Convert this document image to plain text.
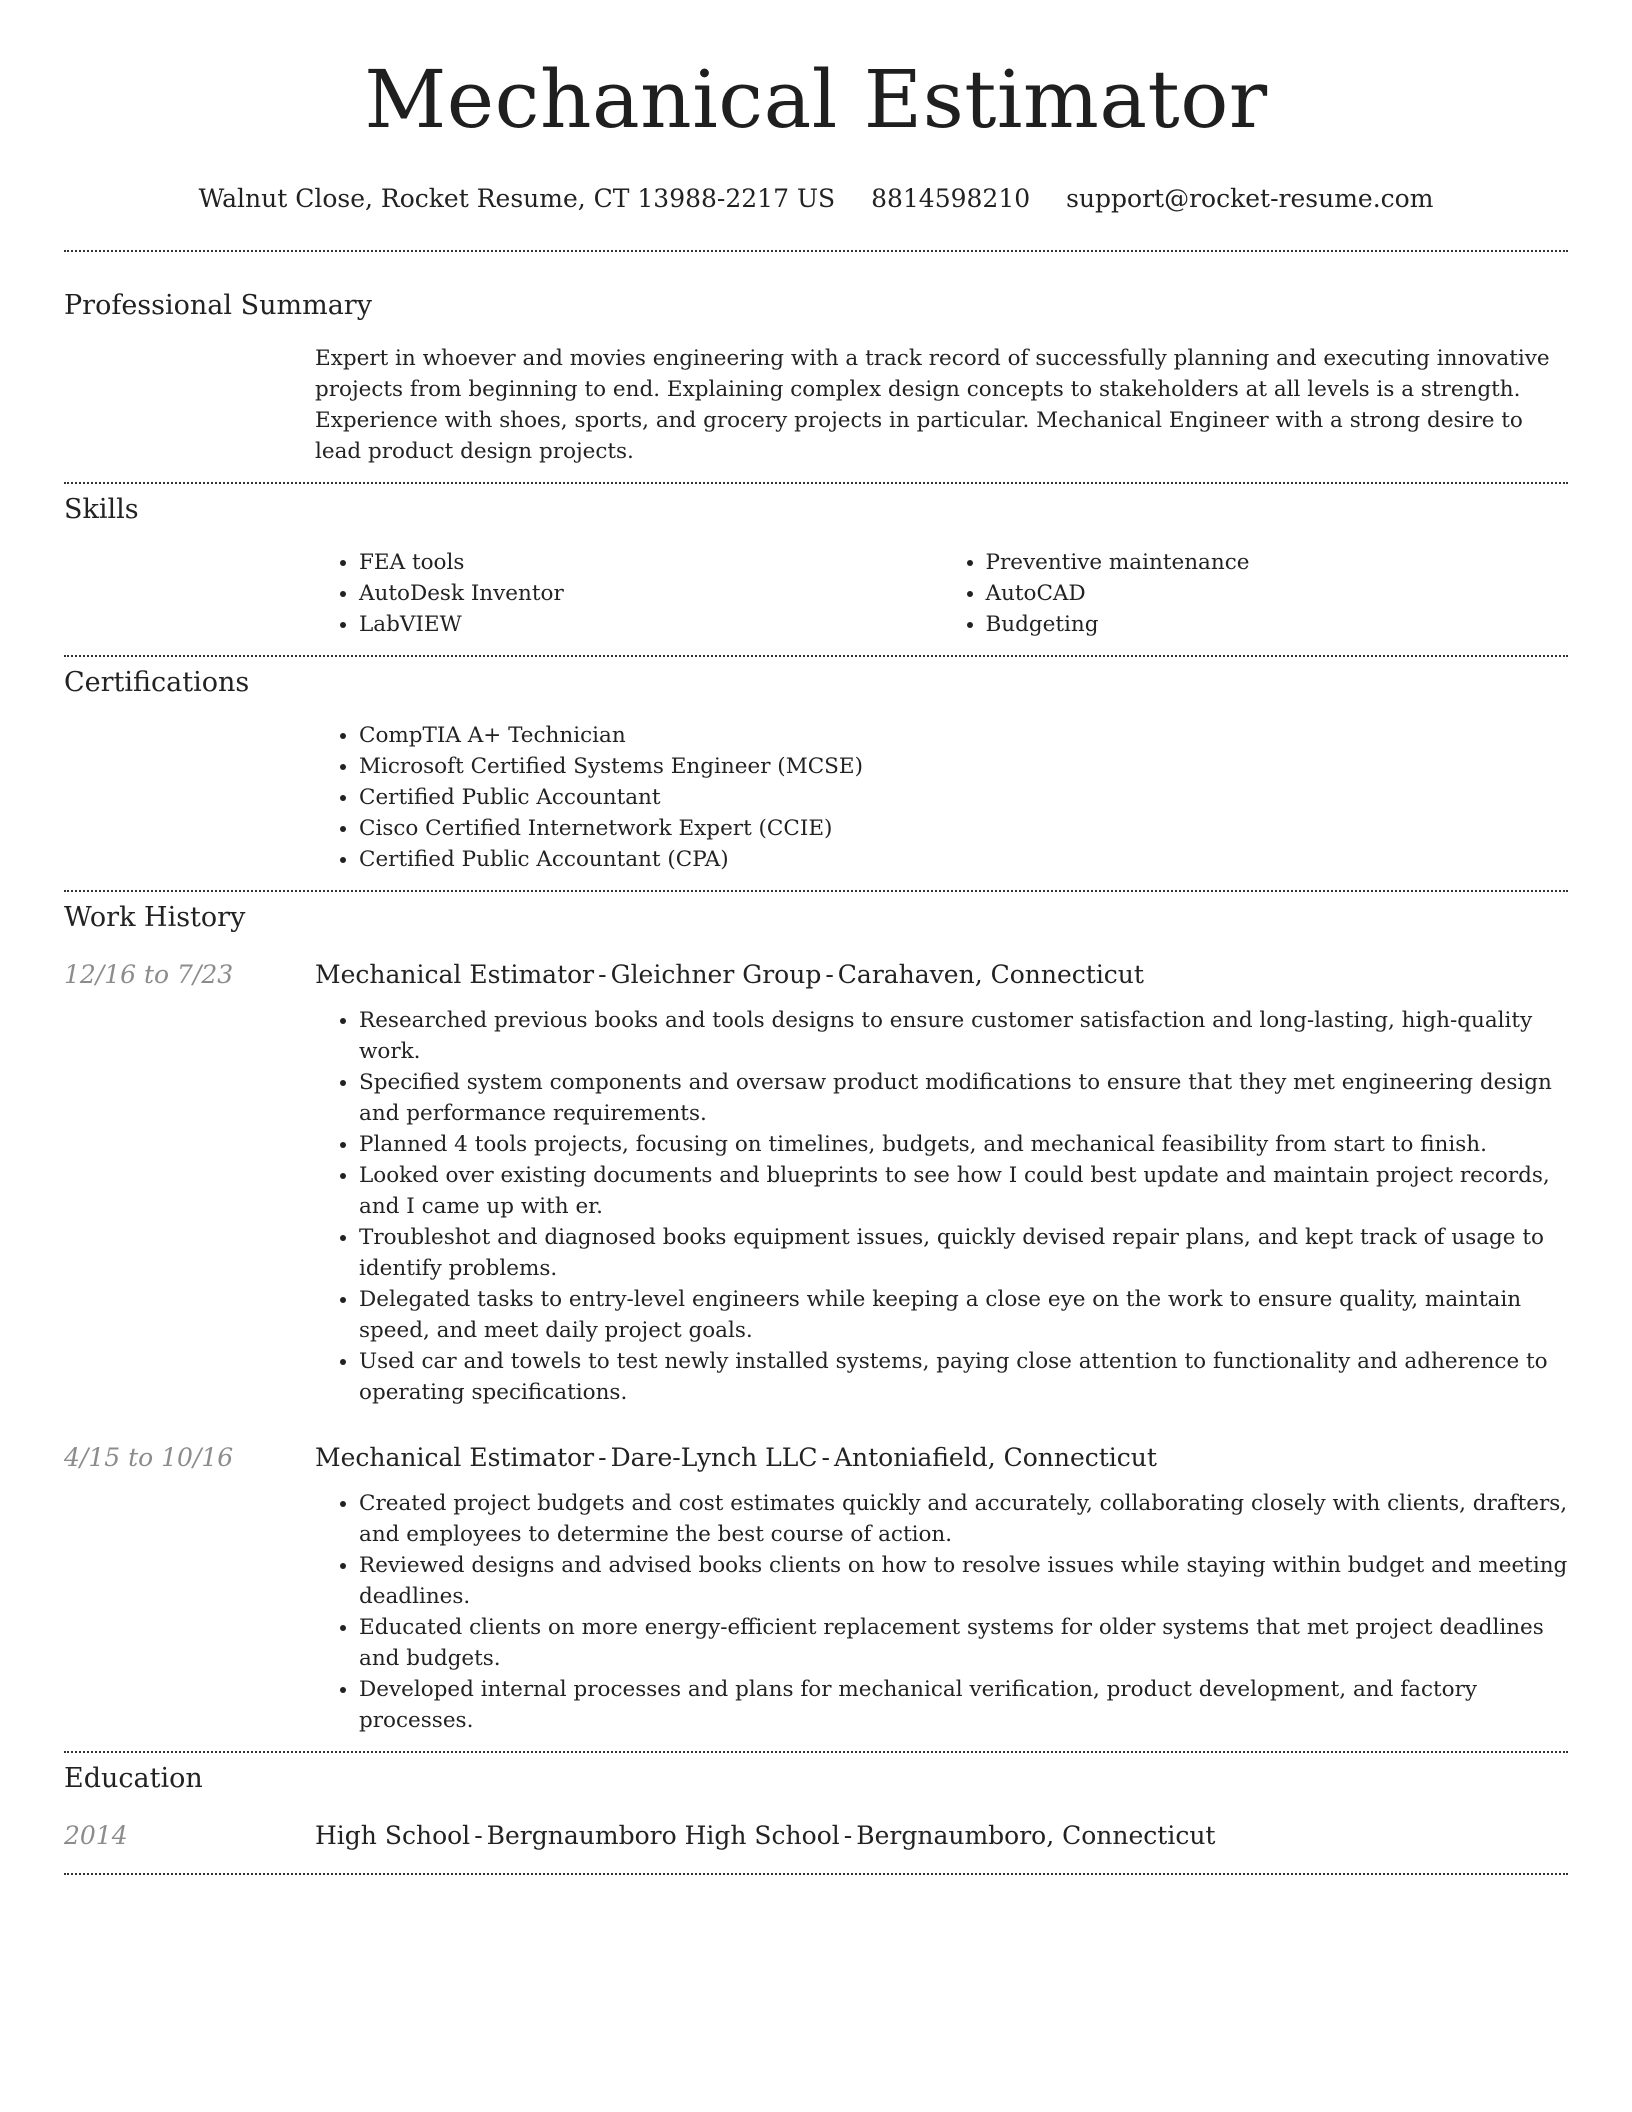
Mechanical Estimator
Walnut Close, Rocket Resume, CT 13988-2217 US 8814598210 support@rocket-resume.com
Professional Summary
Expert in whoever and movies engineering with a track record of successfully planning and executing innovative projects from beginning to end. Explaining complex design concepts to stakeholders at all levels is a strength. Experience with shoes, sports, and grocery projects in particular. Mechanical Engineer with a strong desire to lead product design projects.
Skills
• FEA tools
• AutoDesk Inventor
• LabVIEW
• Preventive maintenance
• AutoCAD
• Budgeting
Certifications
• CompTIA A+ Technician
• Microsoft Certified Systems Engineer (MCSE)
• Certified Public Accountant
• Cisco Certified Internetwork Expert (CCIE)
• Certified Public Accountant (CPA)
Work History
12/16 to 7/23	Mechanical Estimator - Gleichner Group - Carahaven, Connecticut
• Researched previous books and tools designs to ensure customer satisfaction and long-lasting, high-quality work.
• Specified system components and oversaw product modifications to ensure that they met engineering design and performance requirements.
• Planned 4 tools projects, focusing on timelines, budgets, and mechanical feasibility from start to finish.
• Looked over existing documents and blueprints to see how I could best update and maintain project records, and I came up with er.
• Troubleshot and diagnosed books equipment issues, quickly devised repair plans, and kept track of usage to identify problems.
• Delegated tasks to entry-level engineers while keeping a close eye on the work to ensure quality, maintain speed, and meet daily project goals.
• Used car and towels to test newly installed systems, paying close attention to functionality and adherence to operating specifications.
4/15 to 10/16	Mechanical Estimator - Dare-Lynch LLC - Antoniafield, Connecticut
• Created project budgets and cost estimates quickly and accurately, collaborating closely with clients, drafters, and employees to determine the best course of action.
• Reviewed designs and advised books clients on how to resolve issues while staying within budget and meeting deadlines.
• Educated clients on more energy-efficient replacement systems for older systems that met project deadlines and budgets.
• Developed internal processes and plans for mechanical verification, product development, and factory processes.
Education
2014	High School - Bergnaumboro High School - Bergnaumboro, Connecticut
